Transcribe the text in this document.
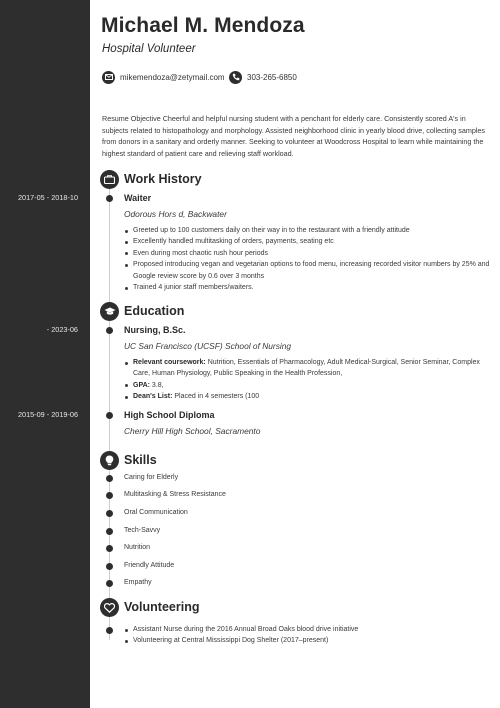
Michael M. Mendoza
Hospital Volunteer
mikemendoza@zetymail.com	303-265-6850
Resume Objective Cheerful and helpful nursing student with a penchant for elderly care. Consistently scored A's in subjects related to histopathology and morphology. Assisted neighborhood clinic in yearly blood drive, collecting samples from donors in a sanitary and orderly manner. Seeking to volunteer at Woodcross Hospital to learn while maintaining the highest standard of patient care and relieving staff workload.
Work History
2017-05 - 2018-10	Waiter
Odorous Hors d, Backwater
Greeted up to 100 customers daily on their way in to the restaurant with a friendly attitude
Excellently handled multitasking of orders, payments, seating etc
Even during most chaotic rush hour periods
Proposed introducing vegan and vegetarian options to food menu, increasing recorded visitor numbers by 25% and Google review score by 0.6 over 3 months
Trained 4 junior staff members/waiters.
Education
- 2023-06	Nursing, B.Sc.
UC San Francisco (UCSF) School of Nursing
Relevant coursework: Nutrition, Essentials of Pharmacology, Adult Medical-Surgical, Senior Seminar, Complex Care, Human Physiology, Public Speaking in the Health Profession,
GPA: 3.8,
Dean's List: Placed in 4 semesters (100
2015-09 - 2019-06	High School Diploma
Cherry Hill High School, Sacramento
Skills
Caring for Elderly
Multitasking & Stress Resistance
Oral Communication
Tech-Savvy
Nutrition
Friendly Attitude
Empathy
Volunteering
Assistant Nurse during the 2016 Annual Broad Oaks blood drive initiative
Volunteering at Central Mississippi Dog Shelter (2017–present)
